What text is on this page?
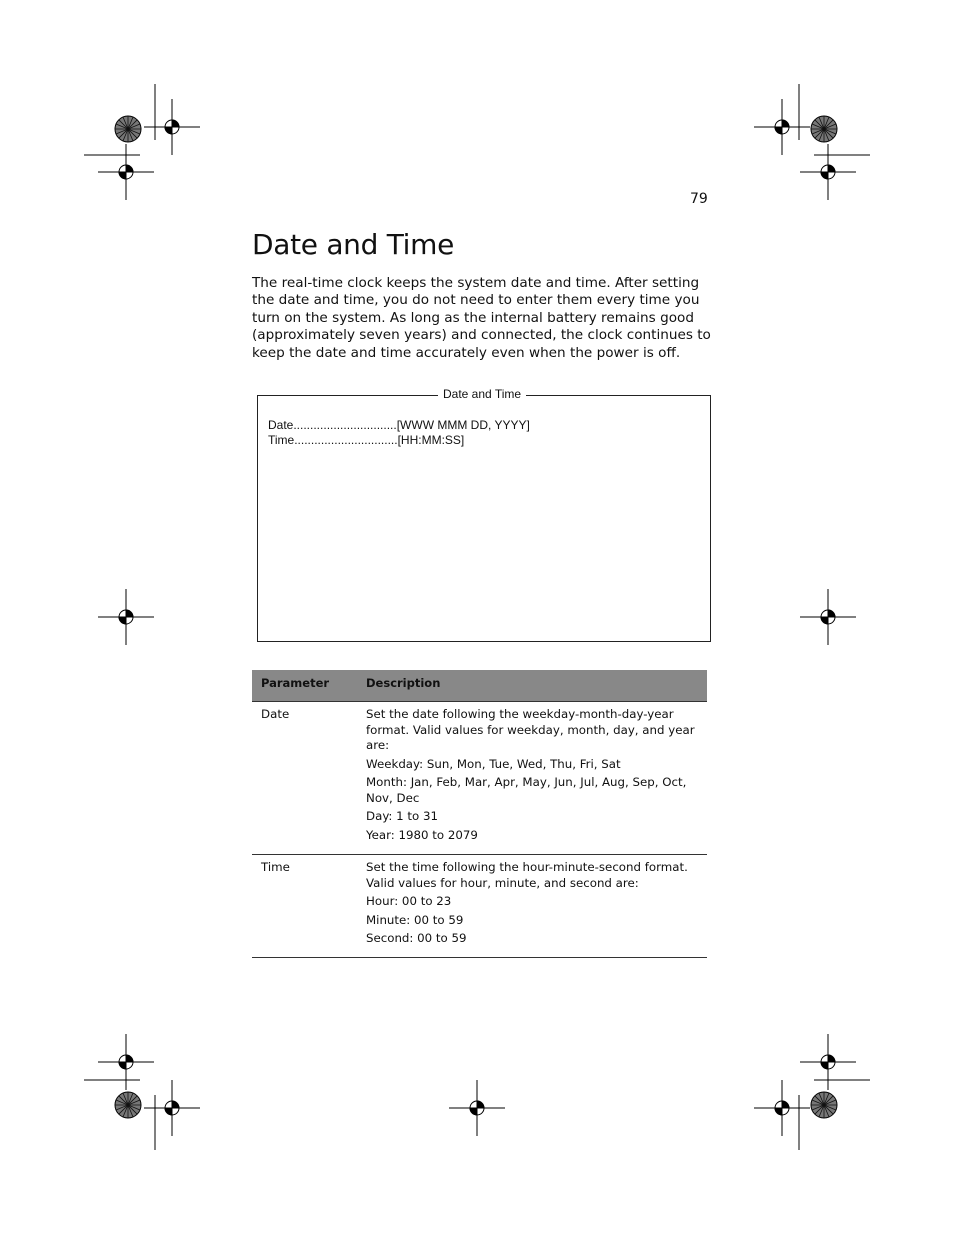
79
Date and Time

The real-time clock keeps the system date and time. After setting the date and time, you do not need to enter them every time you turn on the system. As long as the internal battery remains good (approximately seven years) and connected, the clock continues to keep the date and time accurately even when the power is off.

Date and Time
Date...............................[WWW MMM DD, YYYY]
Time...............................[HH:MM:SS]
Parameter	Description
Date	Set the date following the weekday-month-day-year format. Valid values for weekday, month, day, and year are:

Weekday: Sun, Mon, Tue, Wed, Thu, Fri, Sat

Month: Jan, Feb, Mar, Apr, May, Jun, Jul, Aug, Sep, Oct, Nov, Dec

Day: 1 to 31

Year: 1980 to 2079

Time	Set the time following the hour-minute-second format. Valid values for hour, minute, and second are:

Hour: 00 to 23

Minute: 00 to 59

Second: 00 to 59
